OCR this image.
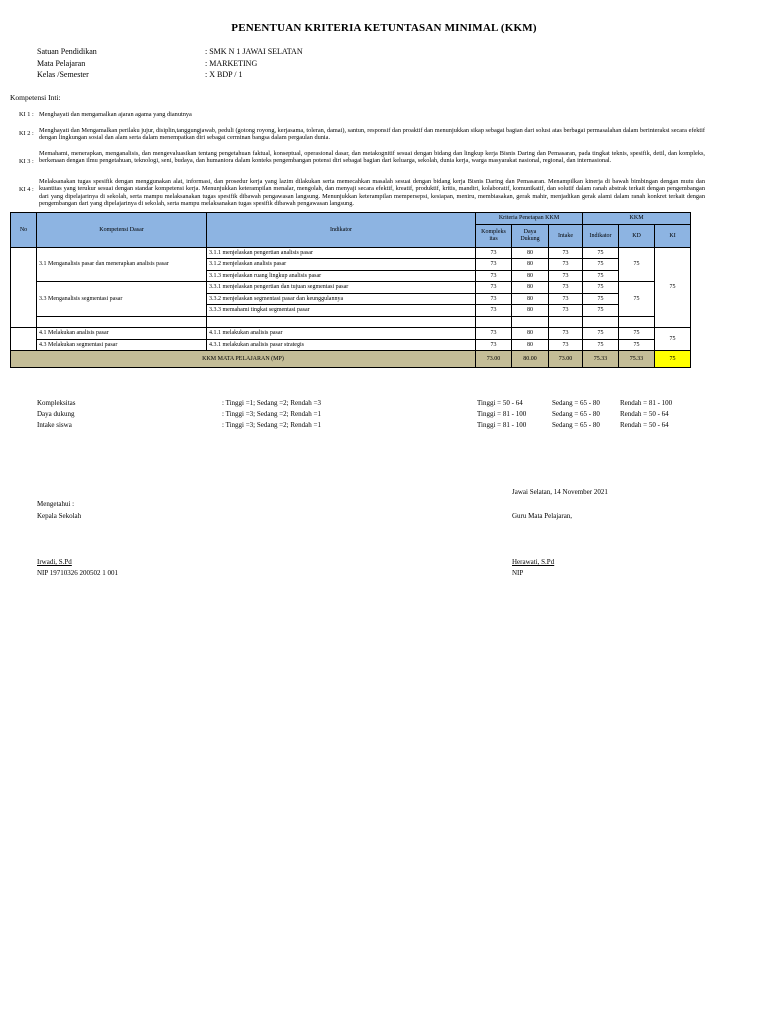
PENENTUAN KRITERIA KETUNTASAN MINIMAL (KKM)
Satuan Pendidikan	: SMK N 1 JAWAI SELATAN
Mata Pelajaran	: MARKETING
Kelas /Semester	: X BDP / 1
Kompetensi Inti:
KI 1 : Menghayati dan mengamalkan ajaran agama yang dianutnya
KI 2 : Menghayati dan Mengamalkan perilaku jujur, disiplin,tanggungjawab, peduli (gotong royong, kerjasama, toleran, damai), santun, responsif dan proaktif dan menunjukkan sikap sebagai bagian dari solusi atas berbagai permasalahan dalam berinteraksi secara efektif dengan lingkungan sosial dan alam serta dalam menempatkan diri sebagai cerminan bangsa dalam pergaulan dunia.
KI 3 :
Memahami, menerapkan, menganalisis, dan mengevaluasikan tentang pengetahuan faktual, konseptual, operasional dasar, dan metakognitif sesuai dengan bidang dan lingkup kerja Bisnis Daring dan Pemasaran, pada tingkat teknis, spesifik, detil, dan kompleks, berkenaan dengan ilmu pengetahuan, teknologi, seni, budaya, dan humaniora dalam konteks pengembangan potensi diri sebagai bagian dari keluarga, sekolah, dunia kerja, warga masyarakat nasional, regional, dan internasional.
KI 4 :
Melaksanakan tugas spesifik dengan menggunakan alat, informasi, dan prosedur kerja yang lazim dilakukan serta memecahkan masalah sesuai dengan bidang kerja Bisnis Daring dan Pemasaran. Menampilkan kinerja di bawah bimbingan dengan mutu dan kuantitas yang terukur sesuai dengan standar kompetensi kerja. Menunjukkan keterampilan menalar, mengolah, dan menyaji secara efektif, kreatif, produktif, kritis, mandiri, kolaboratif, komunikatif, dan solutif dalam ranah abstrak terkait dengan pengembangan dari yang dipelajarinya di sekolah, serta mampu melaksanakan tugas spesifik dibawah pengawasan langsung. Menunjukkan keterampilan mempersepsi, kesiapan, meniru, membiasakan, gerak mahir, menjadikan gerak alami dalam ranah konkret terkait dengan pengembangan dari yang dipelajarinya di sekolah, serta mampu melaksanakan tugas spesifik dibawah pengawasan langsung.
No	Kompetensi Dasar	Indikator	Kriteria Penetapan KKM			KKM		
			Kompleks itas	Daya Dukung	Intake	Indikator	KD	KI
	3.1 Menganalisis pasar dan menerapkan analisis pasar	3.1.1 menjelaskan pengertian analisis pasar	73	80	73	75	75	75
		3.1.2 menjelaskan analisis pasar	73	80	73	75		
		3.1.3 menjelaskan ruang lingkup analisis pasar	73	80	73	75		
	3.3 Menganalisis segmentasi pasar	3.3.1 menjelaskan pengertian dan tujuan segmentasi pasar	73	80	73	75	75	
		3.3.2 menjelaskan segmentasi pasar dan keunggulannya	73	80	73	75		
		3.3.3 memahami tingkat segmentasi pasar	73	80	73	75		

	4.1 Melakukan analisis pasar	4.1.1 melakukan analisis pasar	73	80	73	75	75	75
	4.3 Melakukan segmentasi pasar	4.3.1 melakukan analisis pasar strategis	73	80	73	75	75	
KKM MATA PELAJARAN (MP)			73.00	80.00	73.00	75.33	75.33	75
Kompleksitas	: Tinggi =1; Sedang =2; Rendah =3	Tinggi = 50 - 64	Sedang = 65 - 80	Rendah = 81 - 100
Daya dukung	: Tinggi =3; Sedang =2; Rendah =1	Tinggi = 81 - 100	Sedang = 65 - 80	Rendah = 50 - 64
Intake siswa	: Tinggi =3; Sedang =2; Rendah =1	Tinggi = 81 - 100	Sedang = 65 - 80	Rendah = 50 - 64
Jawai Selatan, 14 November 2021
Mengetahui :
Kepala Sekolah	Guru Mata Pelajaran,
Irwadi, S.Pd
NIP 19710326 200502 1 001
Herawati, S.Pd
NIP
